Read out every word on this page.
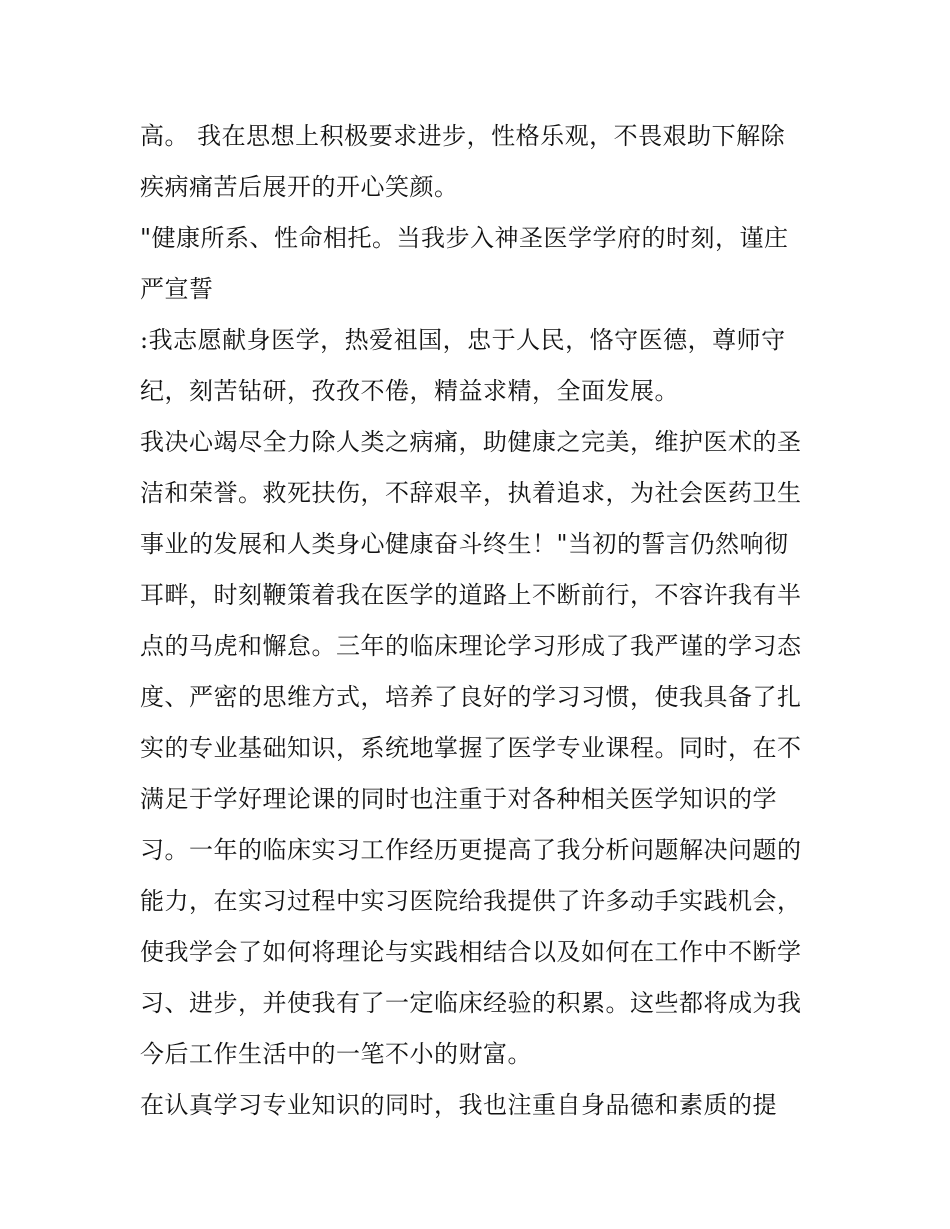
高。 我在思想上积极要求进步，性格乐观，不畏艰助下解除
疾病痛苦后展开的开心笑颜。
"健康所系、性命相托。当我步入神圣医学学府的时刻，谨庄
严宣誓
:我志愿献身医学，热爱祖国，忠于人民，恪守医德，尊师守
纪，刻苦钻研，孜孜不倦，精益求精，全面发展。
我决心竭尽全力除人类之病痛，助健康之完美，维护医术的圣
洁和荣誉。救死扶伤，不辞艰辛，执着追求，为社会医药卫生
事业的发展和人类身心健康奋斗终生！"当初的誓言仍然响彻
耳畔，时刻鞭策着我在医学的道路上不断前行，不容许我有半
点的马虎和懈怠。三年的临床理论学习形成了我严谨的学习态
度、严密的思维方式，培养了良好的学习习惯，使我具备了扎
实的专业基础知识，系统地掌握了医学专业课程。同时，在不
满足于学好理论课的同时也注重于对各种相关医学知识的学
习。一年的临床实习工作经历更提高了我分析问题解决问题的
能力，在实习过程中实习医院给我提供了许多动手实践机会，
使我学会了如何将理论与实践相结合以及如何在工作中不断学
习、进步，并使我有了一定临床经验的积累。这些都将成为我
今后工作生活中的一笔不小的财富。
在认真学习专业知识的同时，我也注重自身品德和素质的提
